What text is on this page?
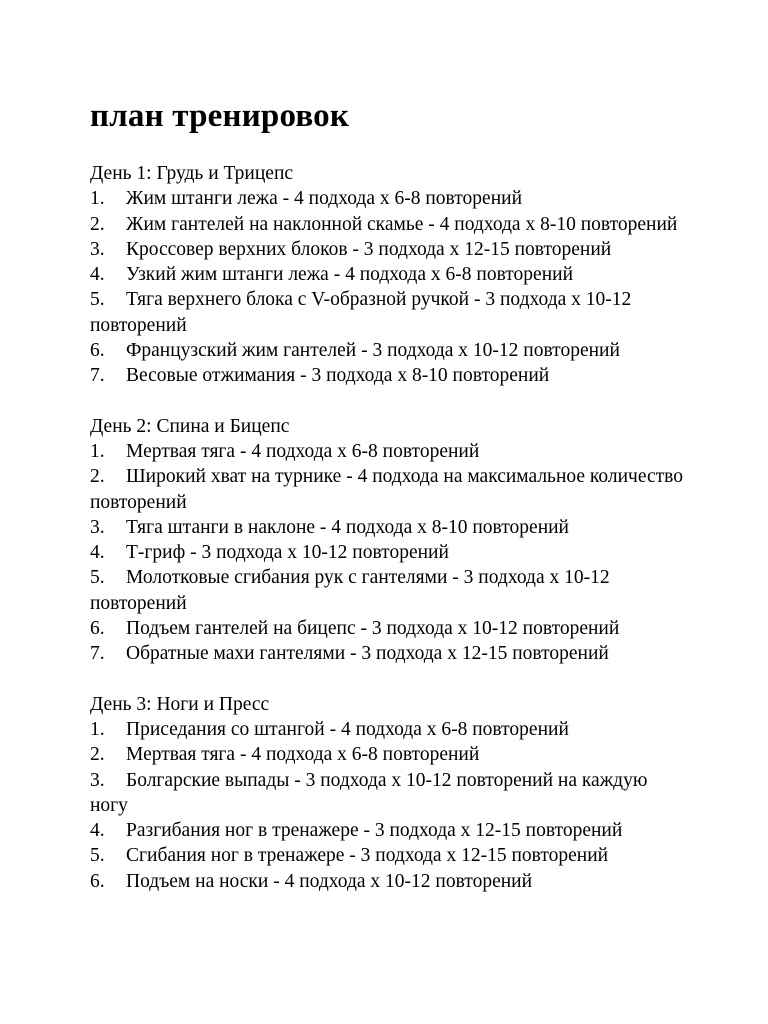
план тренировок

День 1: Грудь и Трицепс

1. Жим штанги лежа - 4 подхода x 6-8 повторений
2. Жим гантелей на наклонной скамье - 4 подхода x 8-10 повторений
3. Кроссовер верхних блоков - 3 подхода x 12-15 повторений
4. Узкий жим штанги лежа - 4 подхода x 6-8 повторений
5. Тяга верхнего блока с V-образной ручкой - 3 подхода x 10-12 повторений
6. Французский жим гантелей - 3 подхода x 10-12 повторений
7. Весовые отжимания - 3 подхода x 8-10 повторений

День 2: Спина и Бицепс

1. Мертвая тяга - 4 подхода x 6-8 повторений
2. Широкий хват на турнике - 4 подхода на максимальное количество повторений
3. Тяга штанги в наклоне - 4 подхода x 8-10 повторений
4. Т-гриф - 3 подхода x 10-12 повторений
5. Молотковые сгибания рук с гантелями - 3 подхода x 10-12 повторений
6. Подъем гантелей на бицепс - 3 подхода x 10-12 повторений
7. Обратные махи гантелями - 3 подхода x 12-15 повторений

День 3: Ноги и Пресс

1. Приседания со штангой - 4 подхода x 6-8 повторений
2. Мертвая тяга - 4 подхода x 6-8 повторений
3. Болгарские выпады - 3 подхода x 10-12 повторений на каждую ногу
4. Разгибания ног в тренажере - 3 подхода x 12-15 повторений
5. Сгибания ног в тренажере - 3 подхода x 12-15 повторений
6. Подъем на носки - 4 подхода x 10-12 повторений
